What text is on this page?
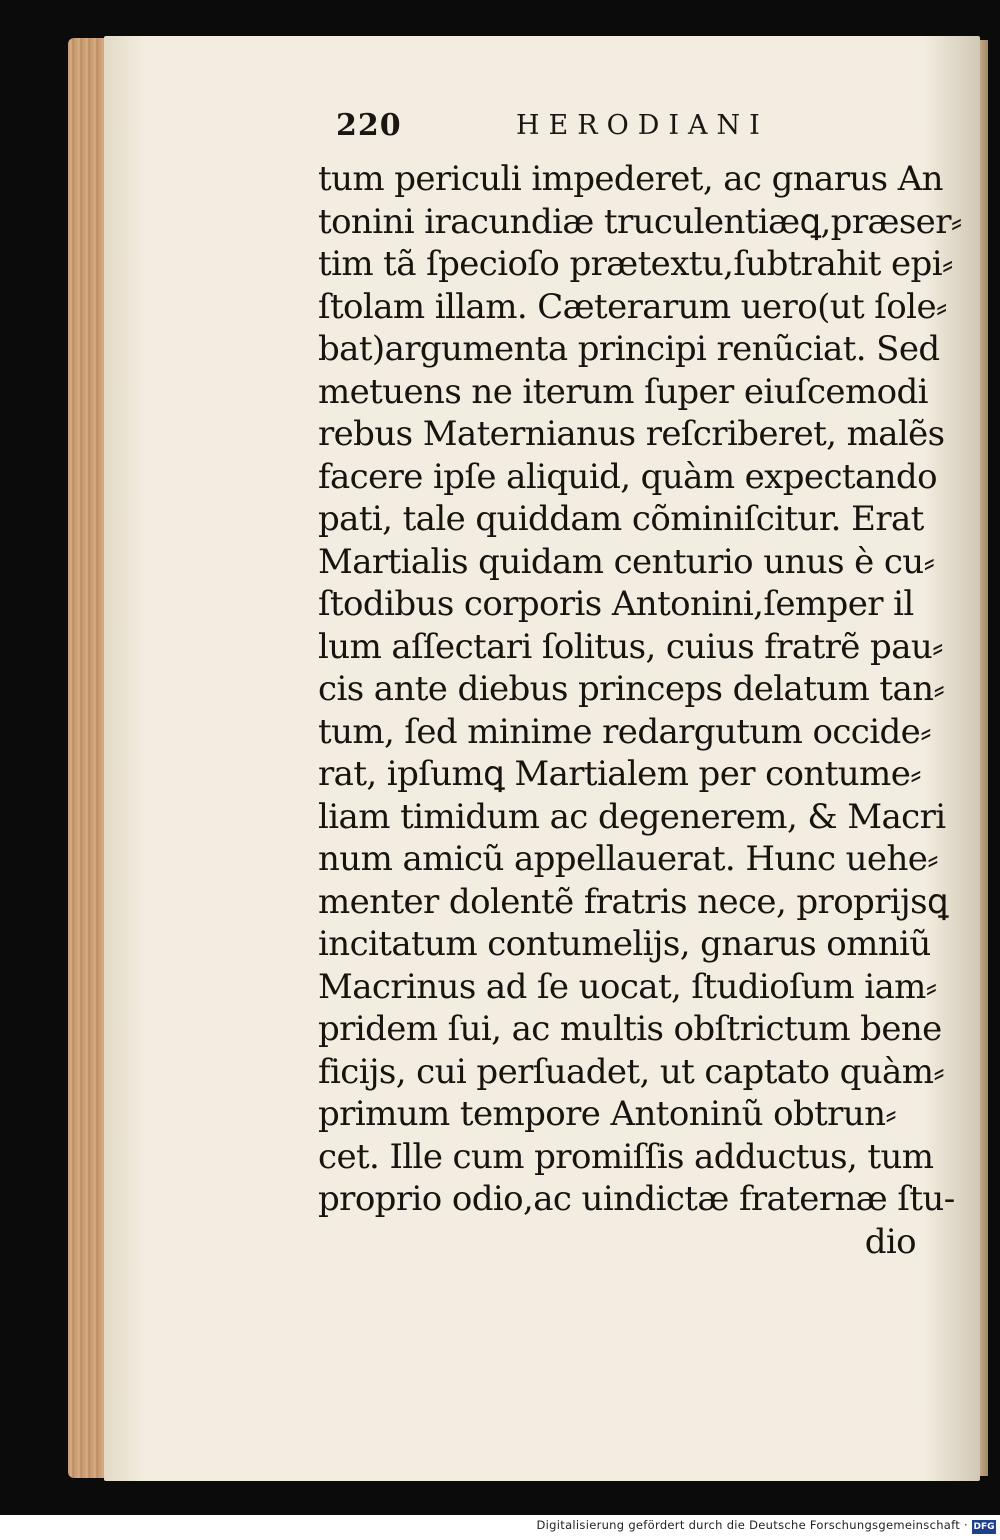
220	HERODIANI
tum periculi impederet, ac gnarus An
tonini iracundiæ truculentiæꝗ,præser⸗
tim tã ſpecioſo prætextu,ſubtrahit epi⸗
ſtolam illam. Cæterarum uero(ut ſole⸗
bat)argumenta principi renũciat. Sed
metuens ne iterum ſuper eiuſcemodi
rebus Maternianus reſcriberet, malẽs
facere ipſe aliquid, quàm expectando
pati, tale quiddam cõminiſcitur. Erat
Martialis quidam centurio unus è cu⸗
ſtodibus corporis Antonini,ſemper il
lum aſſectari ſolitus, cuius fratrẽ pau⸗
cis ante diebus princeps delatum tan⸗
tum, ſed minime redargutum occide⸗
rat, ipſumꝗ Martialem per contume⸗
liam timidum ac degenerem, & Macri
num amicũ appellauerat. Hunc uehe⸗
menter dolentẽ fratris nece, proprijsꝗ
incitatum contumelijs, gnarus omniũ
Macrinus ad ſe uocat, ſtudioſum iam⸗
pridem ſui, ac multis obſtrictum bene
ficijs, cui perſuadet, ut captato quàm⸗
primum tempore Antoninũ obtrun⸗
cet. Ille cum promiſſis adductus, tum
proprio odio,ac uindictæ fraternæ ſtu-
dio
Digitalisierung gefördert durch die Deutsche Forschungsgemeinschaft · DFG
